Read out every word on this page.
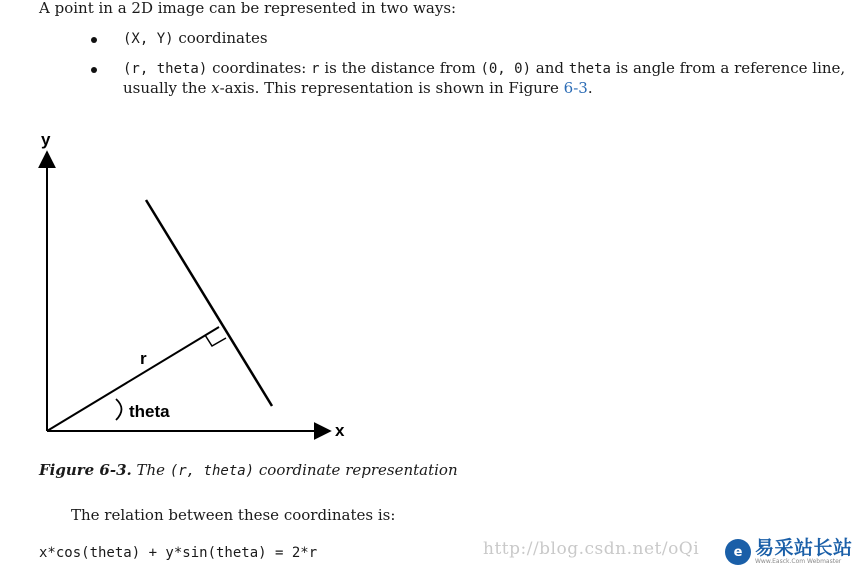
A point in a 2D image can be represented in two ways:
(X, Y) coordinates
(r, theta) coordinates: r is the distance from (0, 0) and theta is angle from a reference line,
usually the x-axis. This representation is shown in Figure 6-3.
y
x
r
theta
Figure 6-3. The (r, theta) coordinate representation
The relation between these coordinates is:
x*cos(theta) + y*sin(theta) = 2*r	http://blog.csdn.net/oQi	e 易采站长站
Www.Easck.Com Webmaster
